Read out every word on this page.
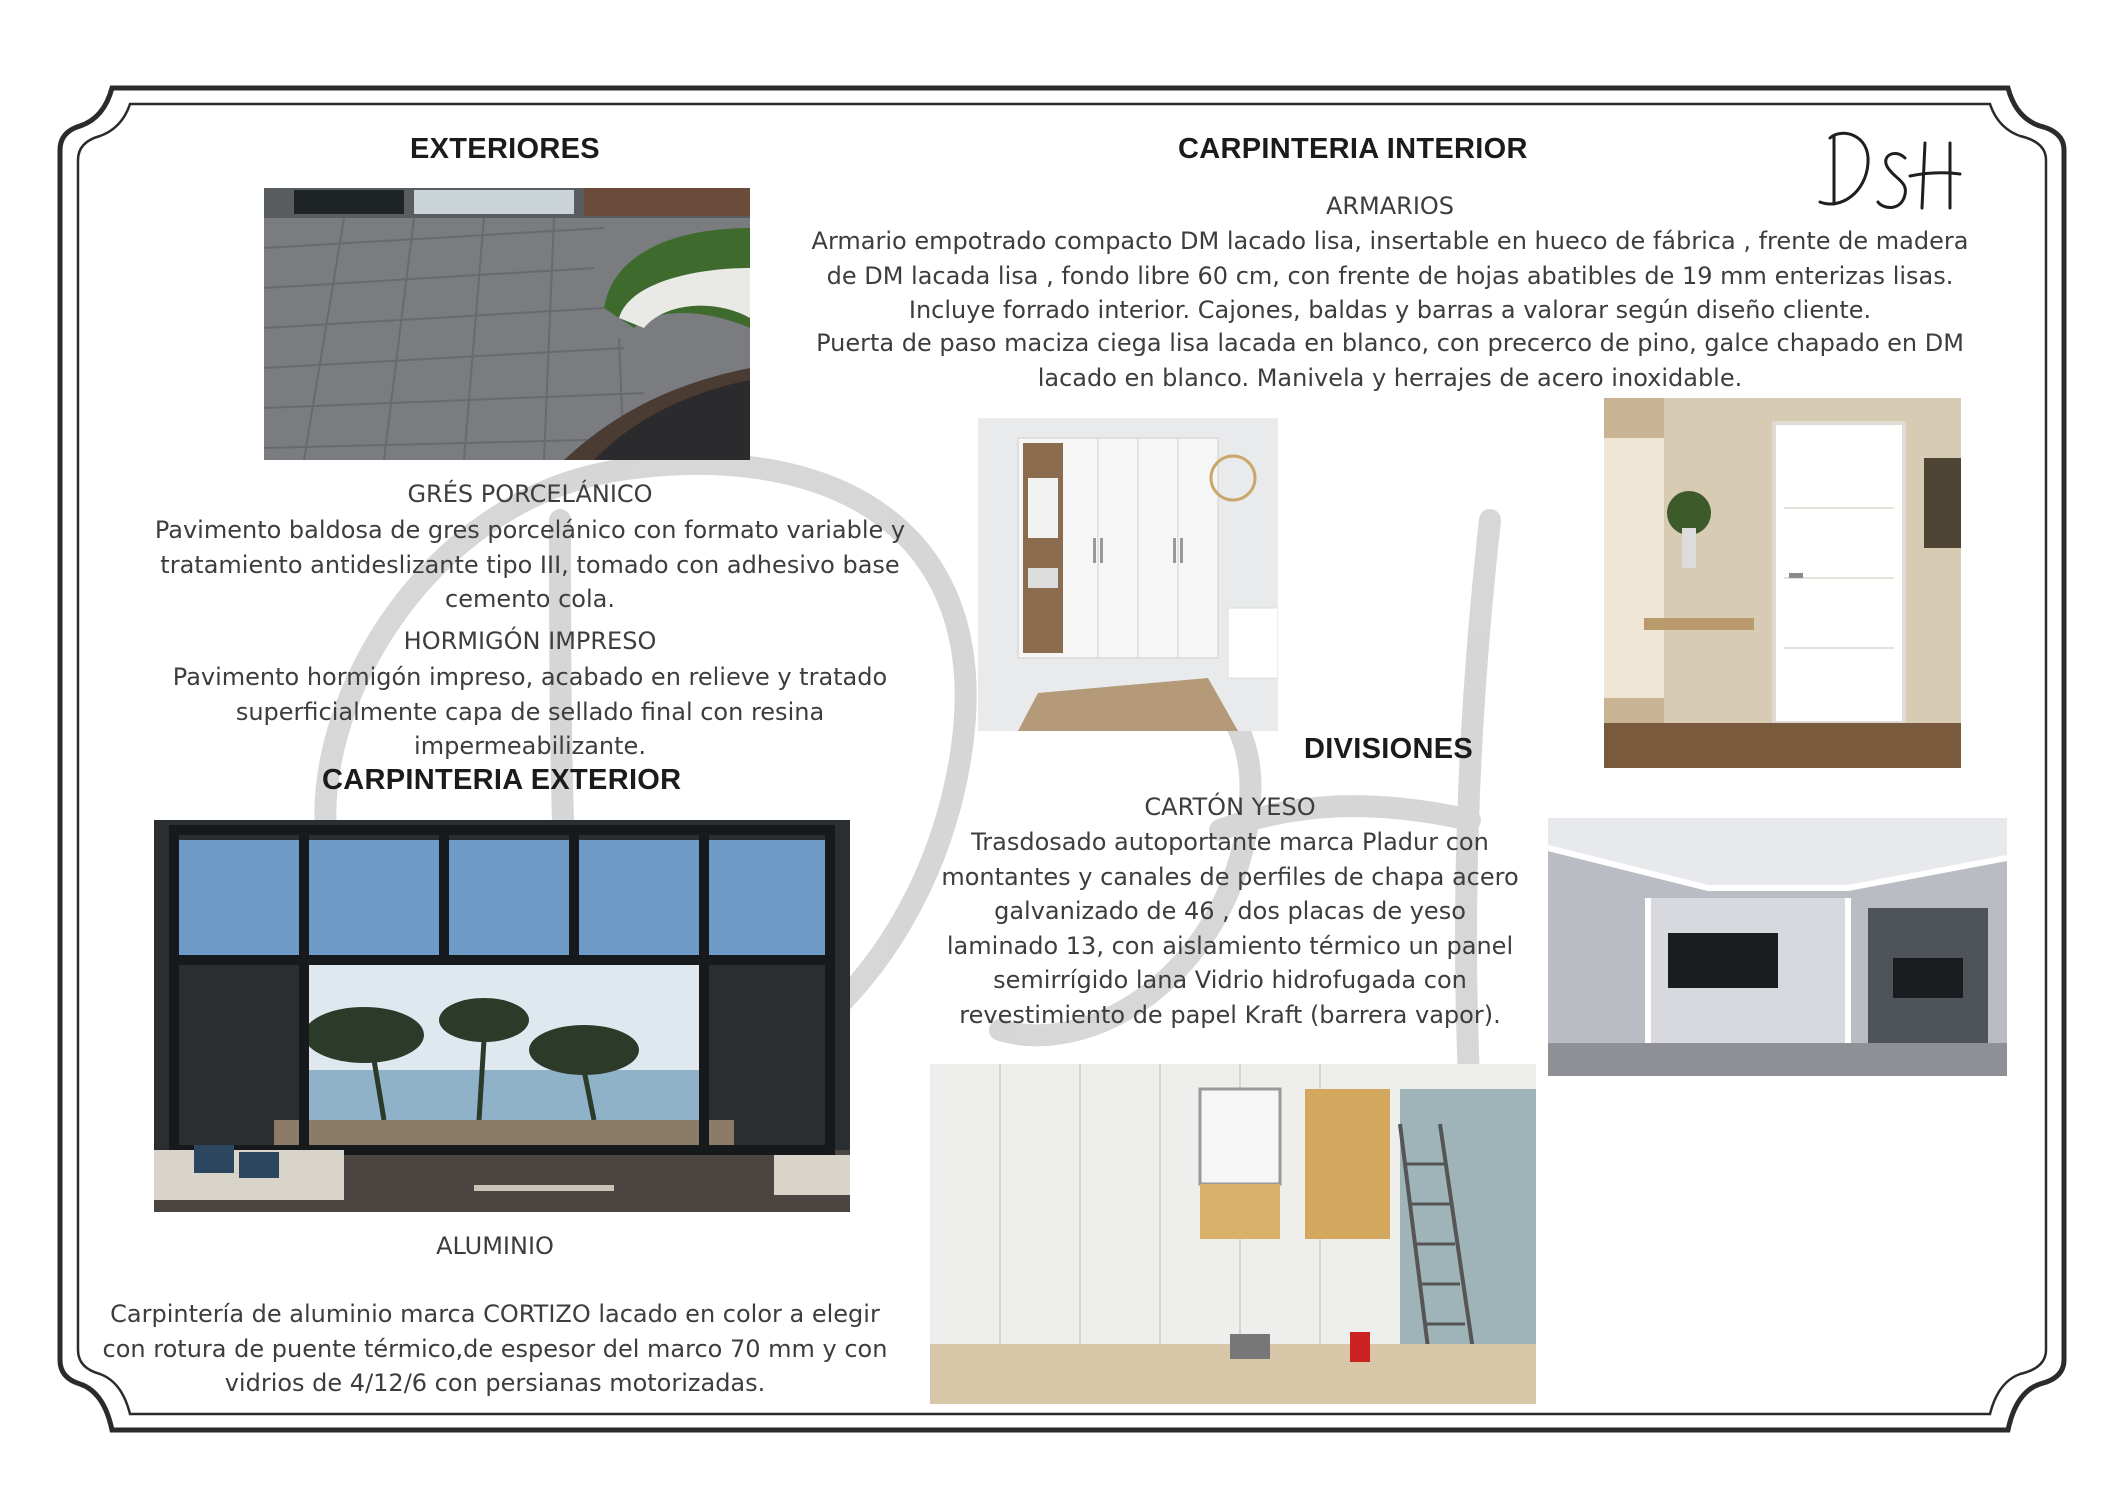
EXTERIORES
GRÉS PORCELÁNICO
Pavimento baldosa de gres porcelánico con formato variable y tratamiento antideslizante tipo III, tomado con adhesivo base cemento cola.
HORMIGÓN IMPRESO
Pavimento hormigón impreso, acabado en relieve y tratado superficialmente capa de sellado final con resina impermeabilizante.
CARPINTERIA EXTERIOR
ALUMINIO
Carpintería de aluminio marca CORTIZO lacado en color a elegir con rotura de puente térmico,de espesor del marco 70 mm y con vidrios de 4/12/6 con persianas motorizadas.
CARPINTERIA INTERIOR
ARMARIOS
Armario empotrado compacto DM lacado lisa, insertable en hueco de fábrica , frente de madera de DM lacada lisa , fondo libre 60 cm, con frente de hojas abatibles de 19 mm enterizas lisas. Incluye forrado interior. Cajones, baldas y barras a valorar según diseño cliente.
Puerta de paso maciza ciega lisa lacada en blanco, con precerco de pino, galce chapado en DM lacado en blanco. Manivela y herrajes de acero inoxidable.
DIVISIONES
CARTÓN YESO
Trasdosado autoportante marca Pladur con montantes y canales de perfiles de chapa acero galvanizado de 46 , dos placas de yeso laminado 13, con aislamiento térmico un panel semirrígido lana Vidrio hidrofugada con revestimiento de papel Kraft (barrera vapor).
